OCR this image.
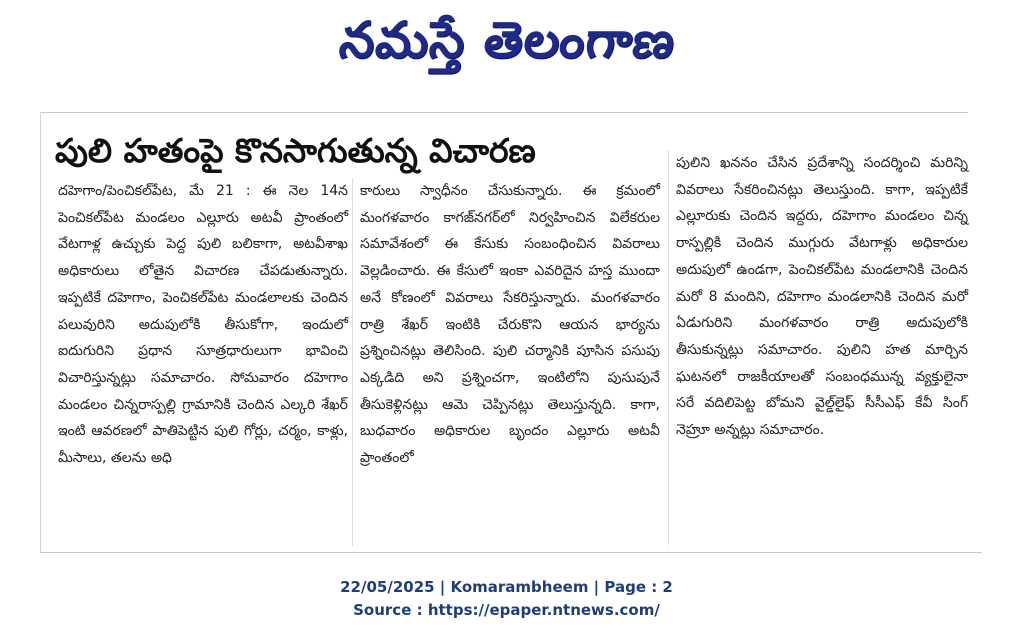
నమస్తే తెలంగాణ
పులి హతంపై కొనసాగుతున్న విచారణ

దహెగాం/పెంచికల్‌పేట, మే 21 : ఈ నెల 14న పెంచికల్‌పేట మండలం ఎల్లూరు అటవీ ప్రాంతంలో వేటగాళ్ల ఉచ్చుకు పెద్ద పులి బలికాగా, అటవీశాఖ అధికారులు లోతైన విచారణ చేపడుతున్నారు. ఇప్పటికే దహెగాం, పెంచికల్‌పేట మండలాలకు చెందిన పలువురిని అదుపులోకి తీసుకోగా, ఇందులో ఐదుగురిని ప్రధాన సూత్రధారులుగా భావించి విచారిస్తున్నట్లు సమాచారం. సోమవారం దహెగాం మండలం చిన్నరాస్పల్లి గ్రామానికి చెందిన ఎల్కరి శేఖర్ ఇంటి ఆవరణలో పాతిపెట్టిన పులి గోర్లు, చర్మం, కాళ్లు, మీసాలు, తలను అధి

కారులు స్వాధీనం చేసుకున్నారు. ఈ క్రమంలో మంగళవారం కాగజ్‌నగర్‌లో నిర్వహించిన విలేకరుల సమావేశంలో ఈ కేసుకు సంబంధించిన వివరాలు వెల్లడించారు. ఈ కేసులో ఇంకా ఎవరిదైన హస్త ముందా అనే కోణంలో వివరాలు సేకరిస్తున్నారు. మంగళవారం రాత్రి శేఖర్ ఇంటికి చేరుకొని ఆయన భార్యను ప్రశ్నించినట్లు తెలిసింది. పులి చర్మానికి పూసిన పసుపు ఎక్కడిది అని ప్రశ్నించగా, ఇంటిలోని పుసుపునే తీసుకెళ్లినట్లు ఆమె చెప్పినట్లు తెలుస్తున్నది. కాగా, బుధవారం అధికారుల బృందం ఎల్లూరు అటవీ ప్రాంతంలో

పులిని ఖననం చేసిన ప్రదేశాన్ని సందర్శించి మరిన్ని వివరాలు సేకరించినట్లు తెలుస్తుంది. కాగా, ఇప్పటికే ఎల్లూరుకు చెందిన ఇద్దరు, దహెగాం మండలం చిన్న రాస్పల్లికి చెందిన ముగ్గురు వేటగాళ్లు అధికారుల అదుపులో ఉండగా, పెంచికల్‌పేట మండలానికి చెందిన మరో 8 మందిని, దహెగాం మండలానికి చెందిన మరో ఏడుగురిని మంగళవారం రాత్రి అదుపులోకి తీసుకున్నట్లు సమాచారం. పులిని హత మార్చిన ఘటనలో రాజకీయాలతో సంబంధమున్న వ్యక్తులైనా సరే వదిలిపెట్ట బోమని వైల్డ్‌లైఫ్ సీసీఎఫ్ కేవీ సింగ్ నెహ్రూ అన్నట్లు సమాచారం.

22/05/2025 | Komarambheem | Page : 2
Source : https://epaper.ntnews.com/
